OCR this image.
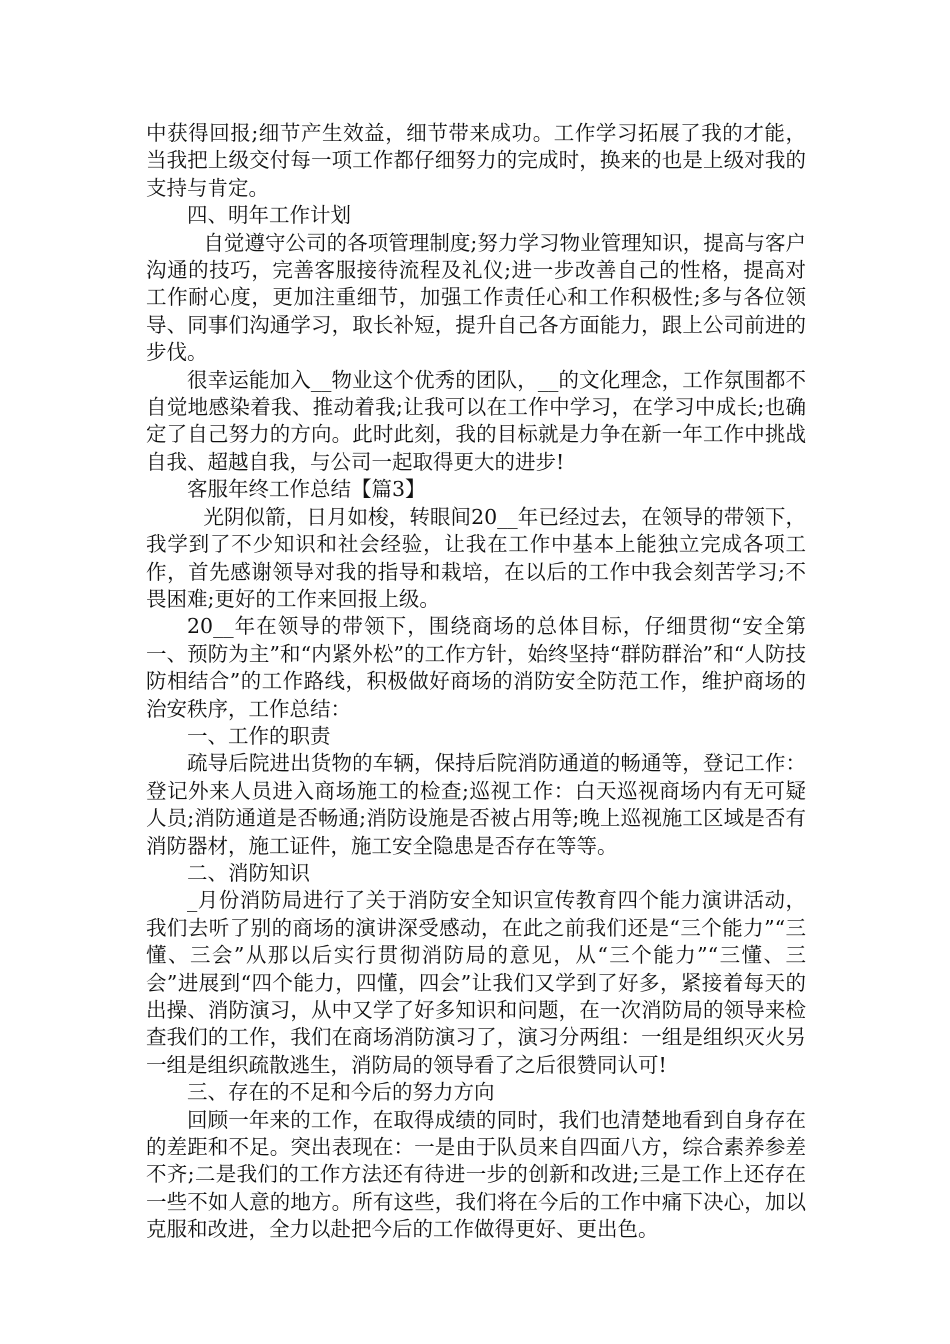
中获得回报;细节产生效益，细节带来成功。工作学习拓展了我的才能，当我把上级交付每一项工作都仔细努力的完成时，换来的也是上级对我的支持与肯定。

四、明年工作计划

自觉遵守公司的各项管理制度;努力学习物业管理知识，提高与客户沟通的技巧，完善客服接待流程及礼仪;进一步改善自己的性格，提高对工作耐心度，更加注重细节，加强工作责任心和工作积极性;多与各位领导、同事们沟通学习，取长补短，提升自己各方面能力，跟上公司前进的步伐。

很幸运能加入__物业这个优秀的团队，__的文化理念，工作氛围都不自觉地感染着我、推动着我;让我可以在工作中学习，在学习中成长;也确定了自己努力的方向。此时此刻，我的目标就是力争在新一年工作中挑战自我、超越自我，与公司一起取得更大的进步!

客服年终工作总结【篇3】

光阴似箭，日月如梭，转眼间20__年已经过去，在领导的带领下，我学到了不少知识和社会经验，让我在工作中基本上能独立完成各项工作，首先感谢领导对我的指导和栽培，在以后的工作中我会刻苦学习;不畏困难;更好的工作来回报上级。

20__年在领导的带领下，围绕商场的总体目标，仔细贯彻“安全第一、预防为主”和“内紧外松”的工作方针，始终坚持“群防群治”和“人防技防相结合”的工作路线，积极做好商场的消防安全防范工作，维护商场的治安秩序，工作总结：

一、工作的职责

疏导后院进出货物的车辆，保持后院消防通道的畅通等，登记工作：登记外来人员进入商场施工的检查;巡视工作：白天巡视商场内有无可疑人员;消防通道是否畅通;消防设施是否被占用等;晚上巡视施工区域是否有消防器材，施工证件，施工安全隐患是否存在等等。

二、消防知识

_月份消防局进行了关于消防安全知识宣传教育四个能力演讲活动，我们去听了别的商场的演讲深受感动，在此之前我们还是“三个能力”“三懂、三会”从那以后实行贯彻消防局的意见，从“三个能力”“三懂、三会”进展到“四个能力，四懂，四会”让我们又学到了好多，紧接着每天的出操、消防演习，从中又学了好多知识和问题，在一次消防局的领导来检查我们的工作，我们在商场消防演习了，演习分两组：一组是组织灭火另一组是组织疏散逃生，消防局的领导看了之后很赞同认可!

三、存在的不足和今后的努力方向

回顾一年来的工作，在取得成绩的同时，我们也清楚地看到自身存在的差距和不足。突出表现在：一是由于队员来自四面八方，综合素养参差不齐;二是我们的工作方法还有待进一步的创新和改进;三是工作上还存在一些不如人意的地方。所有这些，我们将在今后的工作中痛下决心，加以克服和改进，全力以赴把今后的工作做得更好、更出色。
